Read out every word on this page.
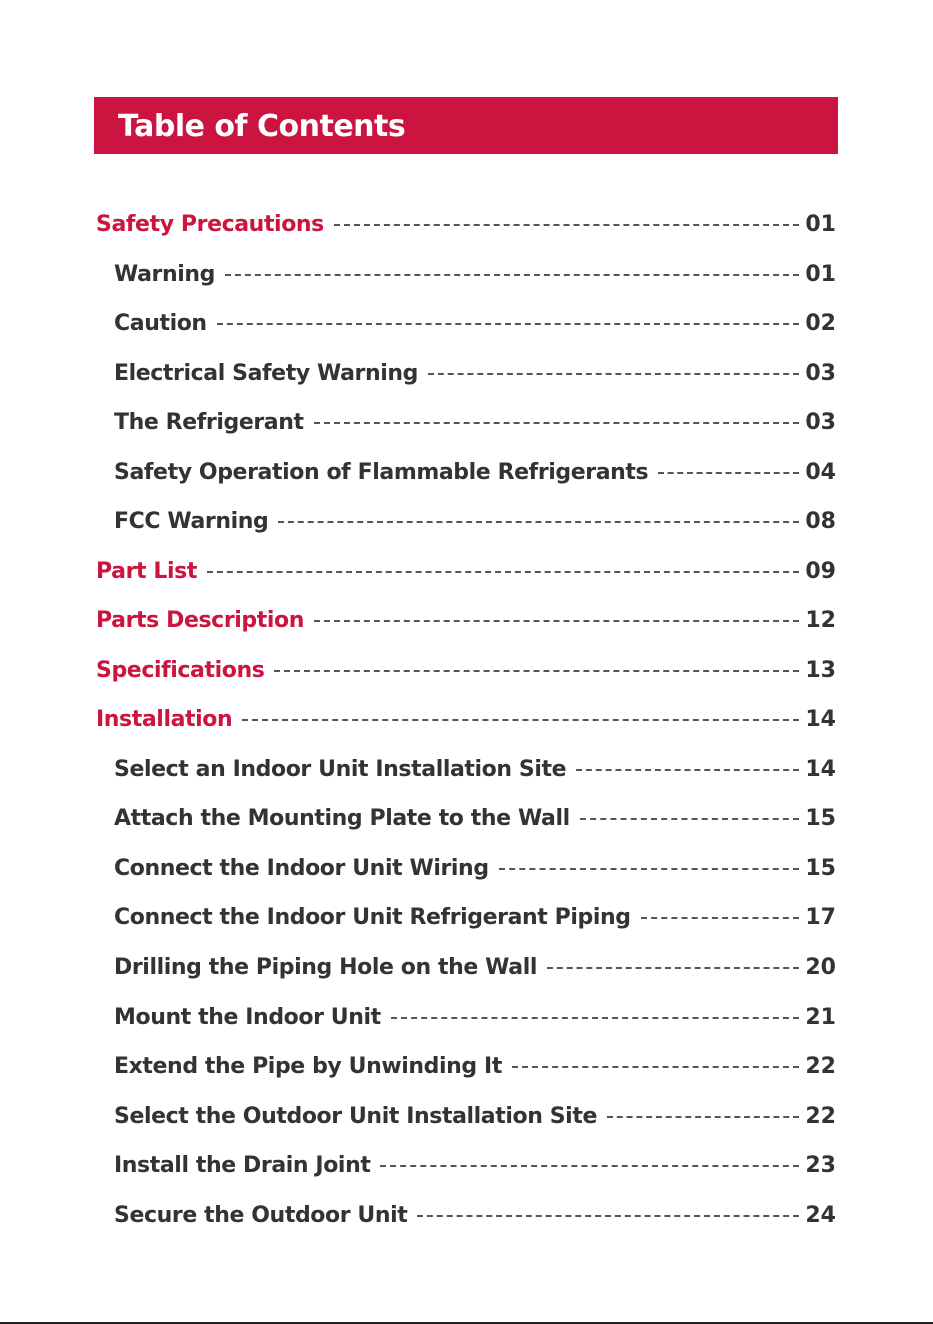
Table of Contents
Safety Precautions	01
Warning	01
Caution	02
Electrical Safety Warning	03
The Refrigerant	03
Safety Operation of Flammable Refrigerants	04
FCC Warning	08
Part List	09
Parts Description	12
Specifications	13
Installation	14
Select an Indoor Unit Installation Site	14
Attach the Mounting Plate to the Wall	15
Connect the Indoor Unit Wiring	15
Connect the Indoor Unit Refrigerant Piping	17
Drilling the Piping Hole on the Wall	20
Mount the Indoor Unit	21
Extend the Pipe by Unwinding It	22
Select the Outdoor Unit Installation Site	22
Install the Drain Joint	23
Secure the Outdoor Unit	24
